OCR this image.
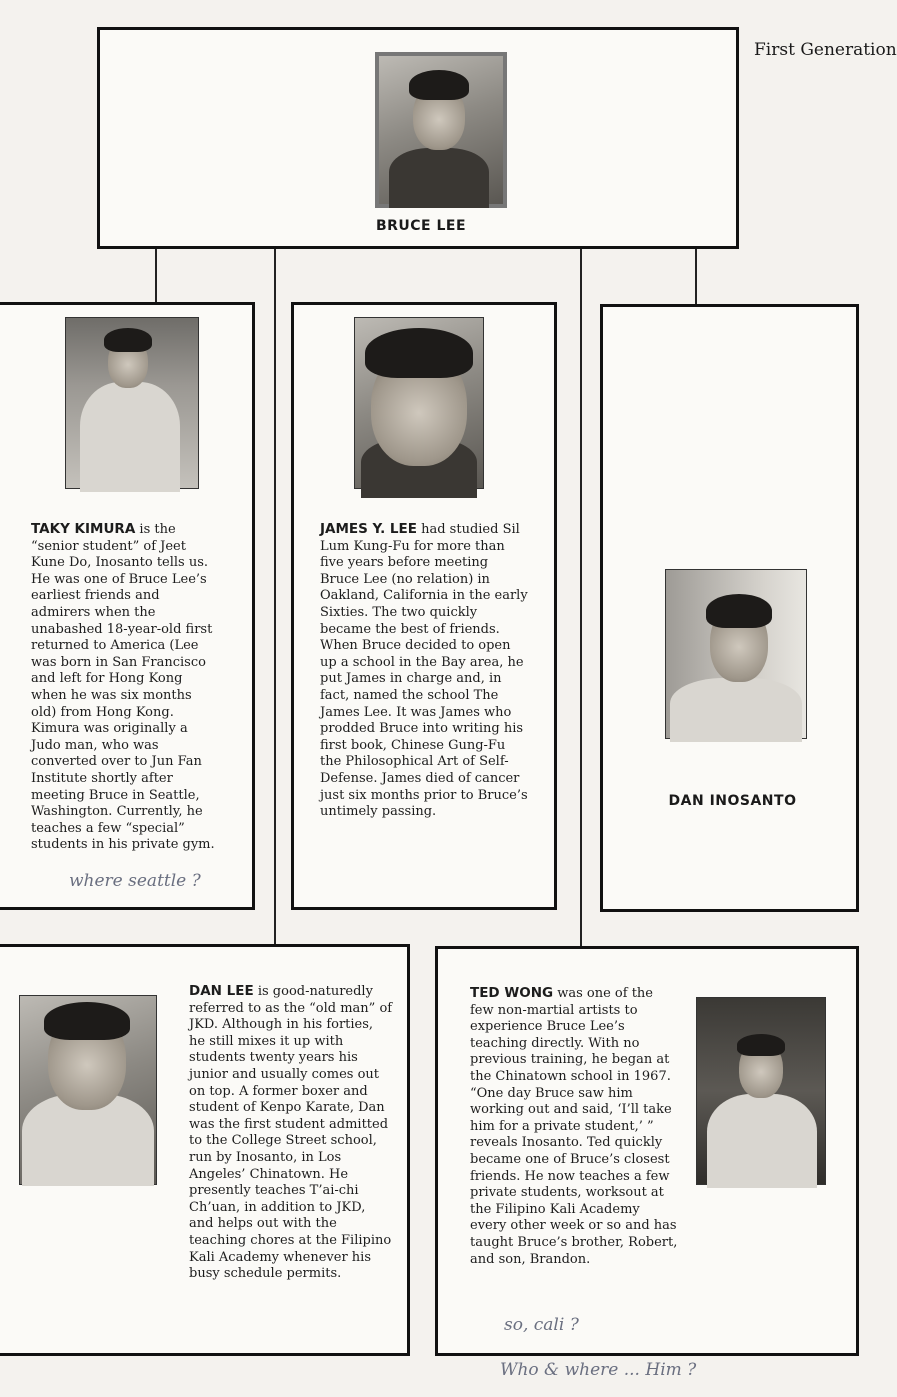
First Generation
BRUCE LEE
TAKY KIMURA is the “senior student” of Jeet Kune Do, Inosanto tells us. He was one of Bruce Lee’s earliest friends and admirers when the unabashed 18-year-old first returned to America (Lee was born in San Francisco and left for Hong Kong when he was six months old) from Hong Kong. Kimura was originally a Judo man, who was converted over to Jun Fan Institute shortly after meeting Bruce in Seattle, Washington. Currently, he teaches a few “special” students in his private gym.
where seattle ?
JAMES Y. LEE had studied Sil Lum Kung-Fu for more than five years before meeting Bruce Lee (no relation) in Oakland, California in the early Sixties. The two quickly became the best of friends. When Bruce decided to open up a school in the Bay area, he put James in charge and, in fact, named the school The James Lee. It was James who prodded Bruce into writing his first book, Chinese Gung-Fu the Philosophical Art of Self-Defense. James died of cancer just six months prior to Bruce’s untimely passing.
DAN INOSANTO
DAN LEE is good-naturedly referred to as the “old man” of JKD. Although in his forties, he still mixes it up with students twenty years his junior and usually comes out on top. A former boxer and student of Kenpo Karate, Dan was the first student admitted to the College Street school, run by Inosanto, in Los Angeles’ Chinatown. He presently teaches T’ai-chi Ch’uan, in addition to JKD, and helps out with the teaching chores at the Filipino Kali Academy whenever his busy schedule permits.
TED WONG was one of the few non-martial artists to experience Bruce Lee’s teaching directly. With no previous training, he began at the Chinatown school in 1967. “One day Bruce saw him working out and said, ‘I’ll take him for a private student,’ ” reveals Inosanto. Ted quickly became one of Bruce’s closest friends. He now teaches a few private students, worksout at the Filipino Kali Academy every other week or so and has taught Bruce’s brother, Robert, and son, Brandon.
so, cali ?
Who & where ... Him ?
